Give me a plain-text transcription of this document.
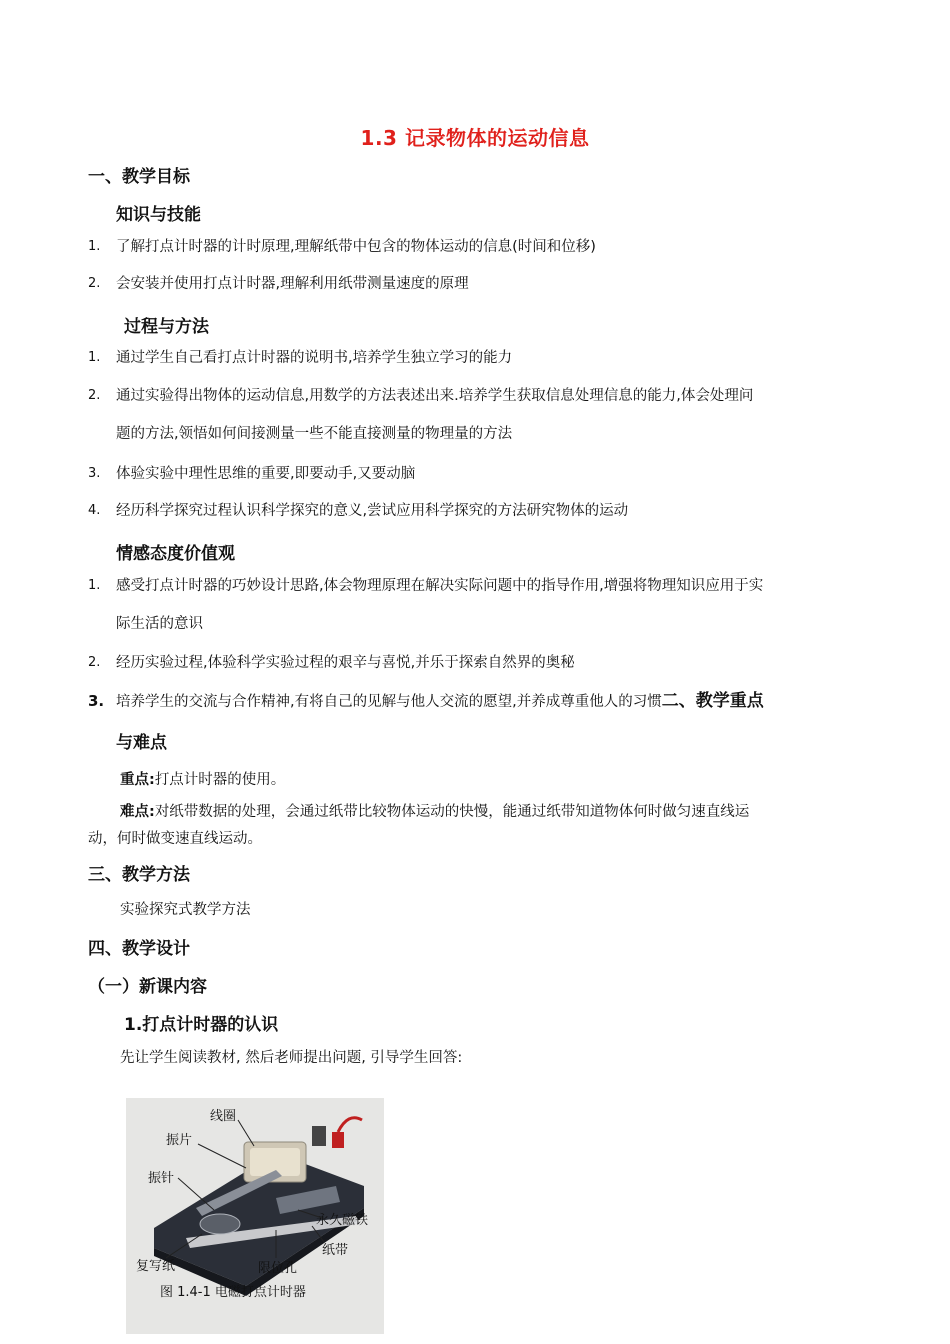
1.3 记录物体的运动信息
一、教学目标
知识与技能
1.	了解打点计时器的计时原理,理解纸带中包含的物体运动的信息(时间和位移)
2.	会安装并使用打点计时器,理解利用纸带测量速度的原理
过程与方法
1.	通过学生自己看打点计时器的说明书,培养学生独立学习的能力
2.	通过实验得出物体的运动信息,用数学的方法表述出来.培养学生获取信息处理信息的能力,体会处理问
题的方法,领悟如何间接测量一些不能直接测量的物理量的方法
3.	体验实验中理性思维的重要,即要动手,又要动脑
4.	经历科学探究过程认识科学探究的意义,尝试应用科学探究的方法研究物体的运动
情感态度价值观
1.	感受打点计时器的巧妙设计思路,体会物理原理在解决实际问题中的指导作用,增强将物理知识应用于实
际生活的意识
2.	经历实验过程,体验科学实验过程的艰辛与喜悦,并乐于探索自然界的奥秘
3. 培养学生的交流与合作精神,有将自己的见解与他人交流的愿望,并养成尊重他人的习惯二、教学重点
与难点
重点:打点计时器的使用。
难点:对纸带数据的处理，会通过纸带比较物体运动的快慢，能通过纸带知道物体何时做匀速直线运
动，何时做变速直线运动。
三、教学方法
实验探究式教学方法
四、教学设计
（一）新课内容
1.打点计时器的认识
先让学生阅读教材, 然后老师提出问题, 引导学生回答:
线圈
振片
振针
永久磁铁
纸带
复写纸	限位孔
图 1.4-1 电磁打点计时器
